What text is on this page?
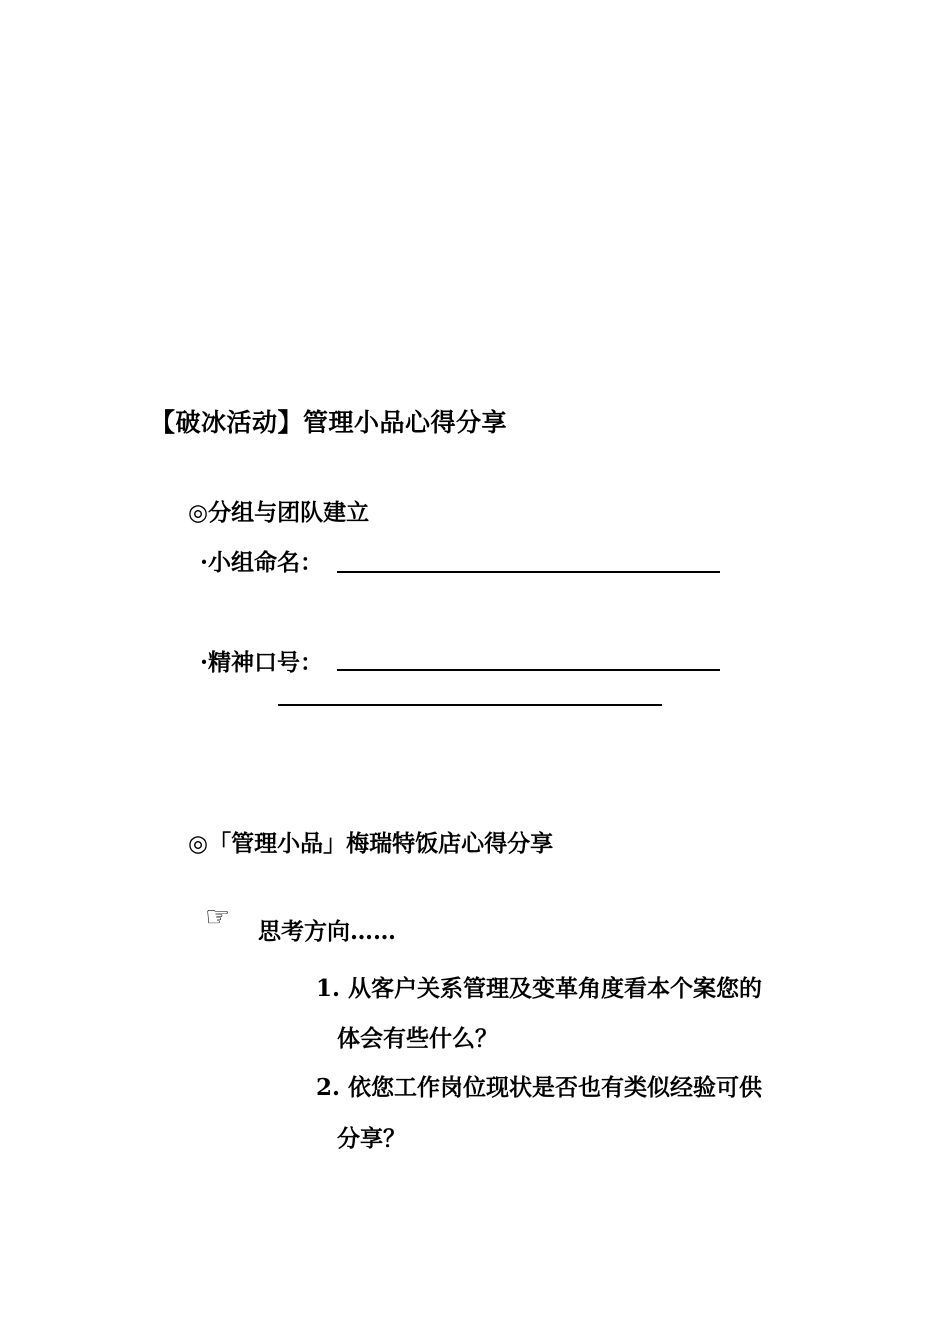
【破冰活动】管理小品心得分享
◎分组与团队建立
·小组命名：
·精神口号：
◎「管理小品」梅瑞特饭店心得分享
☞ 思考方向……
1. 从客户关系管理及变革角度看本个案您的
体会有些什么？
2. 依您工作岗位现状是否也有类似经验可供
分享？
